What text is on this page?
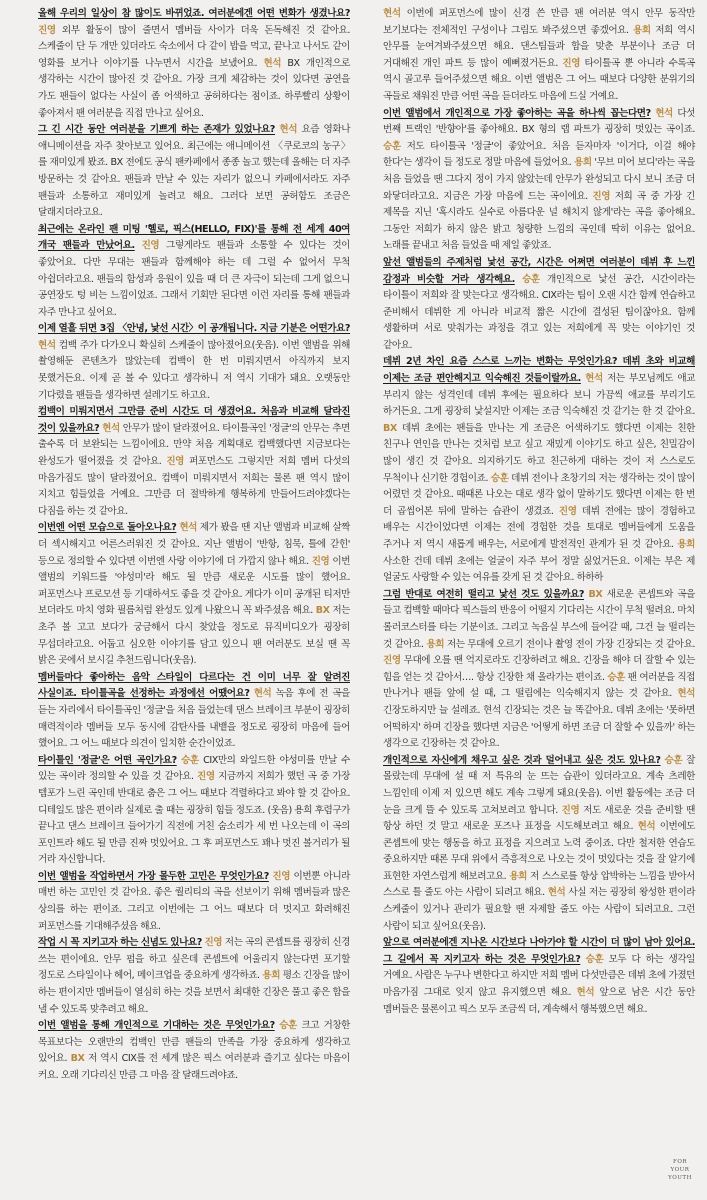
올해 우리의 일상이 참 많이도 바뀌었죠. 여러분에겐 어떤 변화가 생겼나요? 진영 외부 활동이 많이 줄면서 멤버들 사이가 더욱 돈독해진 것 같아요. 스케줄이 단 두 개만 있더라도 숙소에서 다 같이 밥을 먹고, 끝나고 나서도 같이 영화를 보거나 이야기를 나누면서 시간을 보냈어요. 현석 BX 개인적으로 생각하는 시간이 많아진 것 같아요. 가장 크게 체감하는 것이 있다면 공연을 가도 팬들이 없다는 사실이 좀 어색하고 공허하다는 점이죠. 하루빨리 상황이 좋아져서 팬 여러분을 직접 만나고 싶어요.

그 긴 시간 동안 여러분을 기쁘게 하는 존재가 있었나요? 현석 요즘 영화나 애니메이션을 자주 찾아보고 있어요. 최근에는 애니메이션 〈쿠로코의 농구〉를 재미있게 봤죠. BX 전에도 공식 팬카페에서 종종 놀고 했는데 올해는 더 자주 방문하는 것 같아요. 팬들과 만날 수 있는 자리가 없으니 카페에서라도 자주 팬들과 소통하고 재미있게 놀려고 해요. 그러다 보면 공허함도 조금은 달래지더라고요.

최근에는 온라인 팬 미팅 '헬로, 픽스(HELLO, FIX)'를 통해 전 세계 40여 개국 팬들과 만났어요. 진영 그렇게라도 팬들과 소통할 수 있다는 것이 좋았어요. 다만 무대는 팬들과 함께해야 하는 데 그럴 수 없어서 무척 아쉽더라고요. 팬들의 함성과 응원이 있을 때 더 큰 자극이 되는데 그게 없으니 공연장도 텅 비는 느낌이었죠. 그래서 기회만 된다면 이런 자리를 통해 팬들과 자주 만나고 싶어요.

이제 열흘 뒤면 3집 〈안녕, 낯선 시간〉이 공개됩니다. 지금 기분은 어떤가요? 현석 컴백 주가 다가오니 확실히 스케줄이 많아졌어요(웃음). 이번 앨범을 위해 촬영해둔 콘텐츠가 많았는데 컴백이 한 번 미뤄지면서 아직까지 보지 못했거든요. 이제 곧 볼 수 있다고 생각하니 저 역시 기대가 돼요. 오랫동안 기다렸을 팬들을 생각하면 설레기도 하고요.

컴백이 미뤄지면서 그만큼 준비 시간도 더 생겼어요. 처음과 비교해 달라진 것이 있을까요? 현석 안무가 많이 달라졌어요. 타이틀곡인 '정글'의 안무는 추면 출수록 더 보완되는 느낌이에요. 만약 처음 계획대로 컴백했다면 지금보다는 완성도가 떨어졌을 것 같아요. 진영 퍼포먼스도 그렇지만 저희 멤버 다섯의 마음가짐도 많이 달라졌어요. 컴백이 미뤄지면서 저희는 물론 팬 역시 많이 지치고 힘들었을 거예요. 그만큼 더 절박하게 행복하게 만들어드려야겠다는 다짐을 하는 것 같아요.

이번엔 어떤 모습으로 돌아오나요? 현석 제가 봤을 땐 지난 앨범과 비교해 살짝 더 섹시해지고 어른스러워진 것 같아요. 지난 앨범이 '반항, 침묵, 틀에 갇힌' 등으로 정의할 수 있다면 이번엔 사랑 이야기에 더 가깝지 않나 해요. 진영 이번 앨범의 키워드를 '야성미'라 해도 될 만큼 새로운 시도를 많이 했어요. 퍼포먼스나 프로모션 등 기대하셔도 좋을 것 같아요. 게다가 이미 공개된 티저만 보더라도 마치 영화 필름처럼 완성도 있게 나왔으니 꼭 봐주셨음 해요. BX 저는 초주 볼 고고 보다가 궁금해서 다시 찾았을 정도로 뮤직비디오가 굉장히 무섭더라고요. 어둡고 심오한 이야기를 담고 있으니 팬 여러분도 보실 땐 꼭 밝은 곳에서 보시길 추천드립니다(웃음).

멤버들마다 좋아하는 음악 스타일이 다르다는 건 이미 너무 잘 알려진 사실이죠. 타이틀곡을 선정하는 과정에선 어땠어요? 현석 녹음 후에 전 곡을 듣는 자리에서 타이틀곡인 '정글'을 처음 들었는데 댄스 브레이크 부분이 굉장히 매력적이라 멤버들 모두 동시에 감탄사를 내뱉을 정도로 굉장히 마음에 들어 했어요. 그 어느 때보다 의견이 일치한 순간이었죠.

타이틀인 '정글'은 어떤 곡인가요? 승훈 CIX만의 와일드한 야성미를 만날 수 있는 곡이라 정의할 수 있을 것 같아요. 진영 지금까지 저희가 했던 곡 중 가장 템포가 느린 곡인데 반대로 춤은 그 어느 때보다 격렬하다고 봐야 할 것 같아요. 디테일도 많은 편이라 실제로 출 때는 굉장히 힘들 정도죠. (웃음) 용희 후렴구가 끝나고 댄스 브레이크 들어가기 직전에 거친 숨소리가 세 번 나오는데 이 곡의 포인트라 해도 될 만큼 진짜 멋있어요. 그 후 퍼포먼스도 꽤나 멋진 볼거리가 될 거라 자신합니다.

이번 앨범을 작업하면서 가장 몰두한 고민은 무엇인가요? 진영 이번뿐 아니라 매번 하는 고민인 것 같아요. 좋은 퀄리티의 곡을 선보이기 위해 멤버들과 많은 상의를 하는 편이죠. 그리고 이번에는 그 어느 때보다 더 멋지고 화려해진 퍼포먼스를 기대해주셨음 해요.

작업 시 꼭 지키고자 하는 신념도 있나요? 진영 저는 곡의 콘셉트를 굉장히 신경 쓰는 편이에요. 안무 펌을 하고 싶은데 콘셉트에 어울리지 않는다면 포기할 정도로 스타일이나 헤어, 메이크업을 중요하게 생각하죠. 용희 평소 긴장을 많이 하는 편이지만 멤버들이 열심히 하는 것을 보면서 최대한 긴장은 풀고 좋은 합을 낼 수 있도록 맞추려고 해요.

이번 앨범을 통해 개인적으로 기대하는 것은 무엇인가요? 승훈 크고 거창한 목표보다는 오랜만의 컴백인 만큼 팬들의 만족을 가장 중요하게 생각하고 있어요. BX 저 역시 CIX를 전 세계 많은 픽스 여러분과 즐기고 싶다는 마음이 커요. 오래 기다리신 만큼 그 마음 잘 달래드려야죠.

현석 이번에 퍼포먼스에 많이 신경 쓴 만큼 팬 여러분 역시 안무 동작만 보기보다는 전체적인 구성이나 그림도 봐주셨으면 좋겠어요. 용희 저희 역시 안무를 눈여겨봐주셨으면 해요. 댄스팀들과 합을 맞춘 부분이나 조금 더 거대해진 개인 파트 등 많이 예뻐졌거든요. 진영 타이틀곡 뿐 아니라 수록곡 역시 골고루 들어주셨으면 해요. 이번 앨범은 그 어느 때보다 다양한 분위기의 곡들로 채워진 만큼 어떤 곡을 듣더라도 마음에 드실 거예요.

이번 앨범에서 개인적으로 가장 좋아하는 곡을 하나씩 꼽는다면? 현석 다섯 번째 트랙인 '반향아'를 좋아해요. BX 형의 랩 파트가 굉장히 멋있는 곡이죠. 승훈 저도 타이틀곡 '정글'이 좋았어요. 처음 듣자마자 '이거다, 이걸 해야 한다'는 생각이 들 정도로 정말 마음에 들었어요. 용희 '무브 미어 보디'라는 곡을 처음 들었을 땐 그다지 정이 가지 않았는데 안무가 완성되고 다시 보니 조금 더 와닿더라고요. 지금은 가장 마음에 드는 곡이에요. 진영 저희 곡 중 가장 긴 제목을 지닌 '혹시라도 실수로 아름다운 널 해치지 않게'라는 곡을 좋아해요. 그동안 저희가 하지 않은 밝고 청량한 느낌의 곡인데 딱히 이유는 없어요. 노래를 끝내고 처음 들었을 때 제일 좋았죠.

앞선 앨범들의 주제처럼 낯선 공간, 시간은 어쩌면 여러분이 데뷔 후 느낀 감정과 비슷할 거라 생각해요. 승훈 개인적으로 낯선 공간, 시간이라는 타이틀이 저희와 잘 맞는다고 생각해요. CIX라는 팀이 오랜 시간 함께 연습하고 준비해서 데뷔한 게 아니라 비교적 짧은 시간에 결성된 팀이잖아요. 함께 생활하며 서로 맞춰가는 과정을 겪고 있는 저희에게 꼭 맞는 이야기인 것 같아요.

데뷔 2년 차인 요즘 스스로 느끼는 변화는 무엇인가요? 데뷔 초와 비교해 이제는 조금 편안해지고 익숙해진 것들이랄까요. 현석 저는 부모님께도 애교 부리지 않는 성격인데 데뷔 후에는 필요하다 보니 가끔씩 애교를 부리기도 하거든요. 그게 굉장히 낯설지만 이제는 조금 익숙해진 것 같기는 한 것 같아요. BX 데뷔 초에는 팬들을 만나는 게 조금은 어색하기도 했다면 이제는 친한 친구나 연인을 만나는 것처럼 보고 싶고 재밌게 이야기도 하고 싶은, 친밀감이 많이 생긴 것 같아요. 의지하기도 하고 친근하게 대하는 것이 저 스스로도 무척이나 신기한 경험이죠. 승훈 데뷔 전이나 초창기의 저는 생각하는 것이 많이 어렸던 것 같아요. 때때론 나오는 대로 생각 없이 말하기도 했다면 이제는 한 번 더 곱씹어본 뒤에 말하는 습관이 생겼죠. 진영 데뷔 전에는 많이 경험하고 배우는 시간이었다면 이제는 전에 경험한 것을 토대로 멤버들에게 도움을 주거나 저 역시 새롭게 배우는, 서로에게 발전적인 관계가 된 것 같아요. 용희 사소한 건데 데뷔 초에는 얼굴이 자주 부어 정말 싫었거든요. 이제는 부은 제 얼굴도 사랑할 수 있는 여유를 갖게 된 것 같아요. 하하하

그럼 반대로 여전히 떨리고 낯선 것도 있을까요? BX 새로운 콘셉트와 곡을 들고 컴백할 때마다 픽스들의 반응이 어떨지 기다리는 시간이 무척 떨려요. 마치 롤러코스터를 타는 기분이죠. 그리고 녹음실 부스에 들어갈 때, 그건 늘 떨리는 것 같아요. 용희 저는 무대에 오르기 전이나 촬영 전이 가장 긴장되는 것 같아요. 진영 무대에 오를 땐 억지로라도 긴장하려고 해요. 긴장을 해야 더 잘할 수 있는 힘을 얻는 것 같아서…. 항상 긴장한 채 올라가는 편이죠. 승훈 팬 여러분을 직접 만나거나 팬들 앞에 설 때, 그 떨림에는 익숙해지지 않는 것 같아요. 현석 긴장도하지만 늘 설레죠. 현석 긴장되는 것은 늘 똑같아요. 데뷔 초에는 '못하면 어떡하지' 하며 긴장을 했다면 지금은 '어떻게 하면 조금 더 잘할 수 있을까' 하는 생각으로 긴장하는 것 같아요.

개인적으로 자신에게 채우고 싶은 것과 덜어내고 싶은 것도 있나요? 승훈 잘 몰랐는데 무대에 설 때 저 특유의 눈 뜨는 습관이 있더라고요. 계속 츠레한 느낌인데 이제 저 있으면 해도 계속 그렇게 돼요(웃음). 이번 활동에는 조금 더 눈을 크게 뜰 수 있도록 고쳐보려고 합니다. 진영 저도 새로운 것을 준비할 땐 항상 하던 것 말고 새로운 포즈나 표정을 시도해보려고 해요. 현석 이번에도 콘셉트에 맞는 행동을 하고 표정을 지으려고 노력 중이죠. 다만 철저한 연습도 중요하지만 때론 무대 위에서 즉흥적으로 나오는 것이 멋있다는 것을 잘 알기에 표현한 자연스럽게 해보려고요. 용희 저 스스로를 항상 압박하는 느낌을 받아서 스스로 틀 줄도 아는 사람이 되려고 해요. 현석 사실 저는 굉장히 왕성한 편이라 스케줄이 있거나 관리가 필요할 땐 자제할 줄도 아는 사람이 되려고요. 그런 사람이 되고 싶어요(웃음).

앞으로 여러분에겐 지나온 시간보다 나아가야 할 시간이 더 많이 남아 있어요. 그 길에서 꼭 지키고자 하는 것은 무엇인가요? 승훈 모두 다 하는 생각일 거예요. 사람은 누구나 변한다고 하지만 저희 멤버 다섯만큼은 데뷔 초에 가졌던 마음가짐 그대로 잊지 않고 유지했으면 해요. 현석 앞으로 남은 시간 동안 멤버들은 물론이고 픽스 모두 조금씩 더, 계속해서 행복했으면 해요.

FOR
YOUR
YOUTH
